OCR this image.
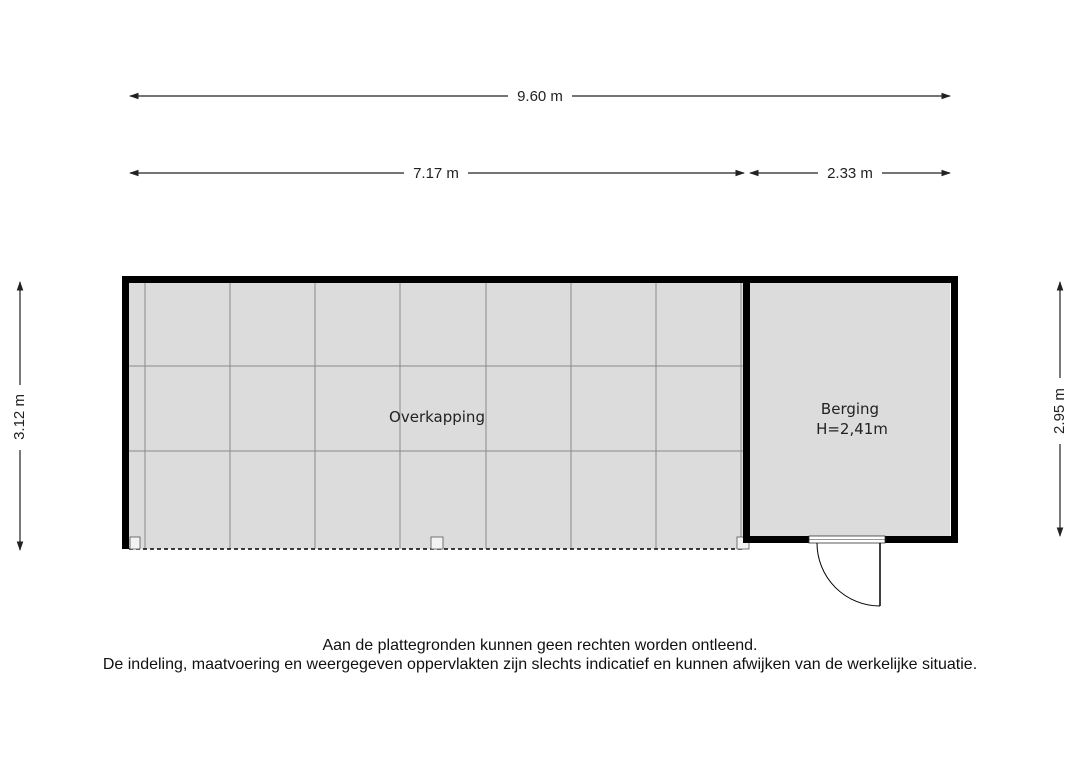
9.60 m
7.17 m	2.33 m
3.12 m	2.95 m
Overkapping	Berging
H=2,41m
Aan de plattegronden kunnen geen rechten worden ontleend.
De indeling, maatvoering en weergegeven oppervlakten zijn slechts indicatief en kunnen afwijken van de werkelijke situatie.
